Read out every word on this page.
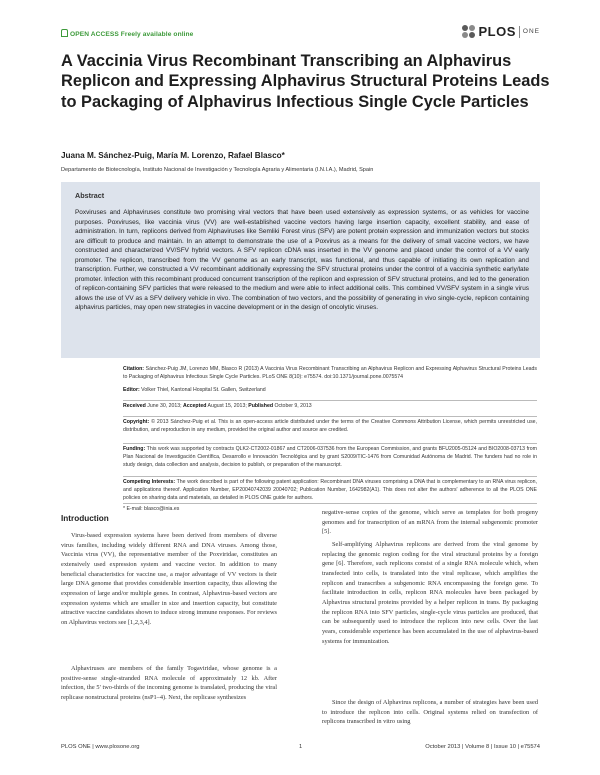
OPEN ACCESS Freely available online	PLOS ONE
A Vaccinia Virus Recombinant Transcribing an Alphavirus Replicon and Expressing Alphavirus Structural Proteins Leads to Packaging of Alphavirus Infectious Single Cycle Particles
Juana M. Sánchez-Puig, María M. Lorenzo, Rafael Blasco*
Departamento de Biotecnología, Instituto Nacional de Investigación y Tecnología Agraria y Alimentaria (I.N.I.A.), Madrid, Spain
Abstract

Poxviruses and Alphaviruses constitute two promising viral vectors that have been used extensively as expression systems, or as vehicles for vaccine purposes. Poxviruses, like vaccinia virus (VV) are well-established vaccine vectors having large insertion capacity, excellent stability, and ease of administration. In turn, replicons derived from Alphaviruses like Semliki Forest virus (SFV) are potent protein expression and immunization vectors but stocks are difficult to produce and maintain. In an attempt to demonstrate the use of a Poxvirus as a means for the delivery of small vaccine vectors, we have constructed and characterized VV/SFV hybrid vectors. A SFV replicon cDNA was inserted in the VV genome and placed under the control of a VV early promoter. The replicon, transcribed from the VV genome as an early transcript, was functional, and thus capable of initiating its own replication and transcription. Further, we constructed a VV recombinant additionally expressing the SFV structural proteins under the control of a vaccinia synthetic early/late promoter. Infection with this recombinant produced concurrent transcription of the replicon and expression of SFV structural proteins, and led to the generation of replicon-containing SFV particles that were released to the medium and were able to infect additional cells. This combined VV/SFV system in a single virus allows the use of VV as a SFV delivery vehicle in vivo. The combination of two vectors, and the possibility of generating in vivo single-cycle, replicon containing alphavirus particles, may open new strategies in vaccine development or in the design of oncolytic viruses.

Citation: Sánchez-Puig JM, Lorenzo MM, Blasco R (2013) A Vaccinia Virus Recombinant Transcribing an Alphavirus Replicon and Expressing Alphavirus Structural Proteins Leads to Packaging of Alphavirus Infectious Single Cycle Particles. PLoS ONE 8(10): e75574. doi:10.1371/journal.pone.0075574

Editor: Volker Thiel, Kantonal Hospital St. Gallen, Switzerland

Received June 30, 2013; Accepted August 15, 2013; Published October 9, 2013

Copyright: © 2013 Sánchez-Puig et al. This is an open-access article distributed under the terms of the Creative Commons Attribution License, which permits unrestricted use, distribution, and reproduction in any medium, provided the original author and source are credited.

Funding: This work was supported by contracts QLK2-CT2002-01867 and CT2006-037536 from the European Commission, and grants BFU2005-05124 and BIO2008-03713 from Plan Nacional de Investigación Científica, Desarrollo e Innovación Tecnológica and by grant S2009/TIC-1476 from Comunidad Autónoma de Madrid. The funders had no role in study design, data collection and analysis, decision to publish, or preparation of the manuscript.

Competing Interests: The work described is part of the following patent application: Recombinant DNA viruses comprising a DNA that is complementary to an RNA virus replicon, and applications thereof. Application Number, EP20040742039 20040702; Publication Number, 1642982(A1). This does not alter the authors' adherence to all the PLOS ONE policies on sharing data and materials, as detailed in PLOS ONE guide for authors.

* E-mail: blasco@inia.es

Introduction

Virus-based expression systems have been derived from members of diverse virus families, including widely different RNA and DNA viruses. Among those, Vaccinia virus (VV), the representative member of the Poxviridae, constitutes an extensively used expression system and vaccine vector. In addition to many beneficial characteristics for vaccine use, a major advantage of VV vectors is their large DNA genome that provides considerable insertion capacity, thus allowing the expression of large and/or multiple genes. In contrast, Alphavirus-based vectors are expression systems which are smaller in size and insertion capacity, but constitute attractive vaccine candidates shown to induce strong immune responses. For reviews on Alphavirus vectors see [1,2,3,4].

Alphaviruses are members of the family Togaviridae, whose genome is a positive-sense single-stranded RNA molecule of approximately 12 kb. After infection, the 5' two-thirds of the incoming genome is translated, producing the viral replicase nonstructural proteins (nsP1–4). Next, the replicase synthesizes

negative-sense copies of the genome, which serve as templates for both progeny genomes and for transcription of an mRNA from the internal subgenomic promoter [5].

Self-amplifying Alphavirus replicons are derived from the viral genome by replacing the genomic region coding for the viral structural proteins by a foreign gene [6]. Therefore, such replicons consist of a single RNA molecule which, when transfected into cells, is translated into the viral replicase, which amplifies the replicon and transcribes a subgenomic RNA encompassing the foreign gene. To facilitate introduction in cells, replicon RNA molecules have been packaged by Alphavirus structural proteins provided by a helper replicon in trans. By packaging the replicon RNA into SFV particles, single-cycle virus particles are produced, that can be subsequently used to introduce the replicon into new cells. Over the last years, considerable experience has been accumulated in the use of alphavirus-based systems for immunization.

Since the design of Alphavirus replicons, a number of strategies have been used to introduce the replicon into cells. Original systems relied on transfection of replicons transcribed in vitro using

PLOS ONE | www.plosone.org	1	October 2013 | Volume 8 | Issue 10 | e75574
